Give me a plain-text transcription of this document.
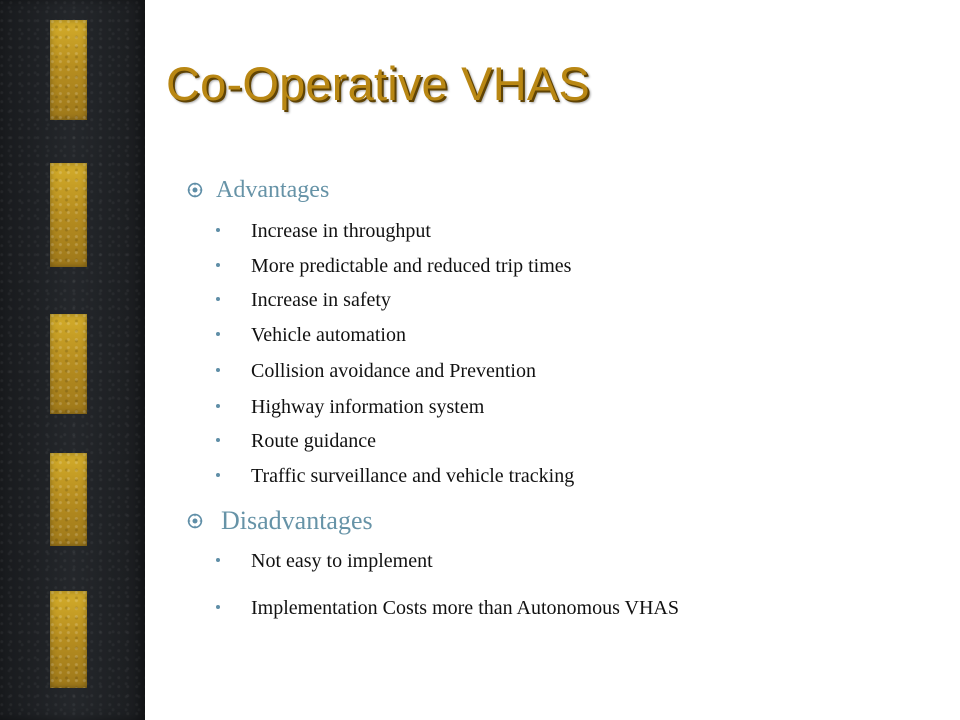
Co-Operative VHAS
Advantages
Increase in throughput
More predictable and reduced trip times
Increase in safety
Vehicle automation
Collision avoidance and Prevention
Highway information system
Route guidance
Traffic surveillance and vehicle tracking
Disadvantages
Not easy to implement
Implementation Costs more than Autonomous VHAS
